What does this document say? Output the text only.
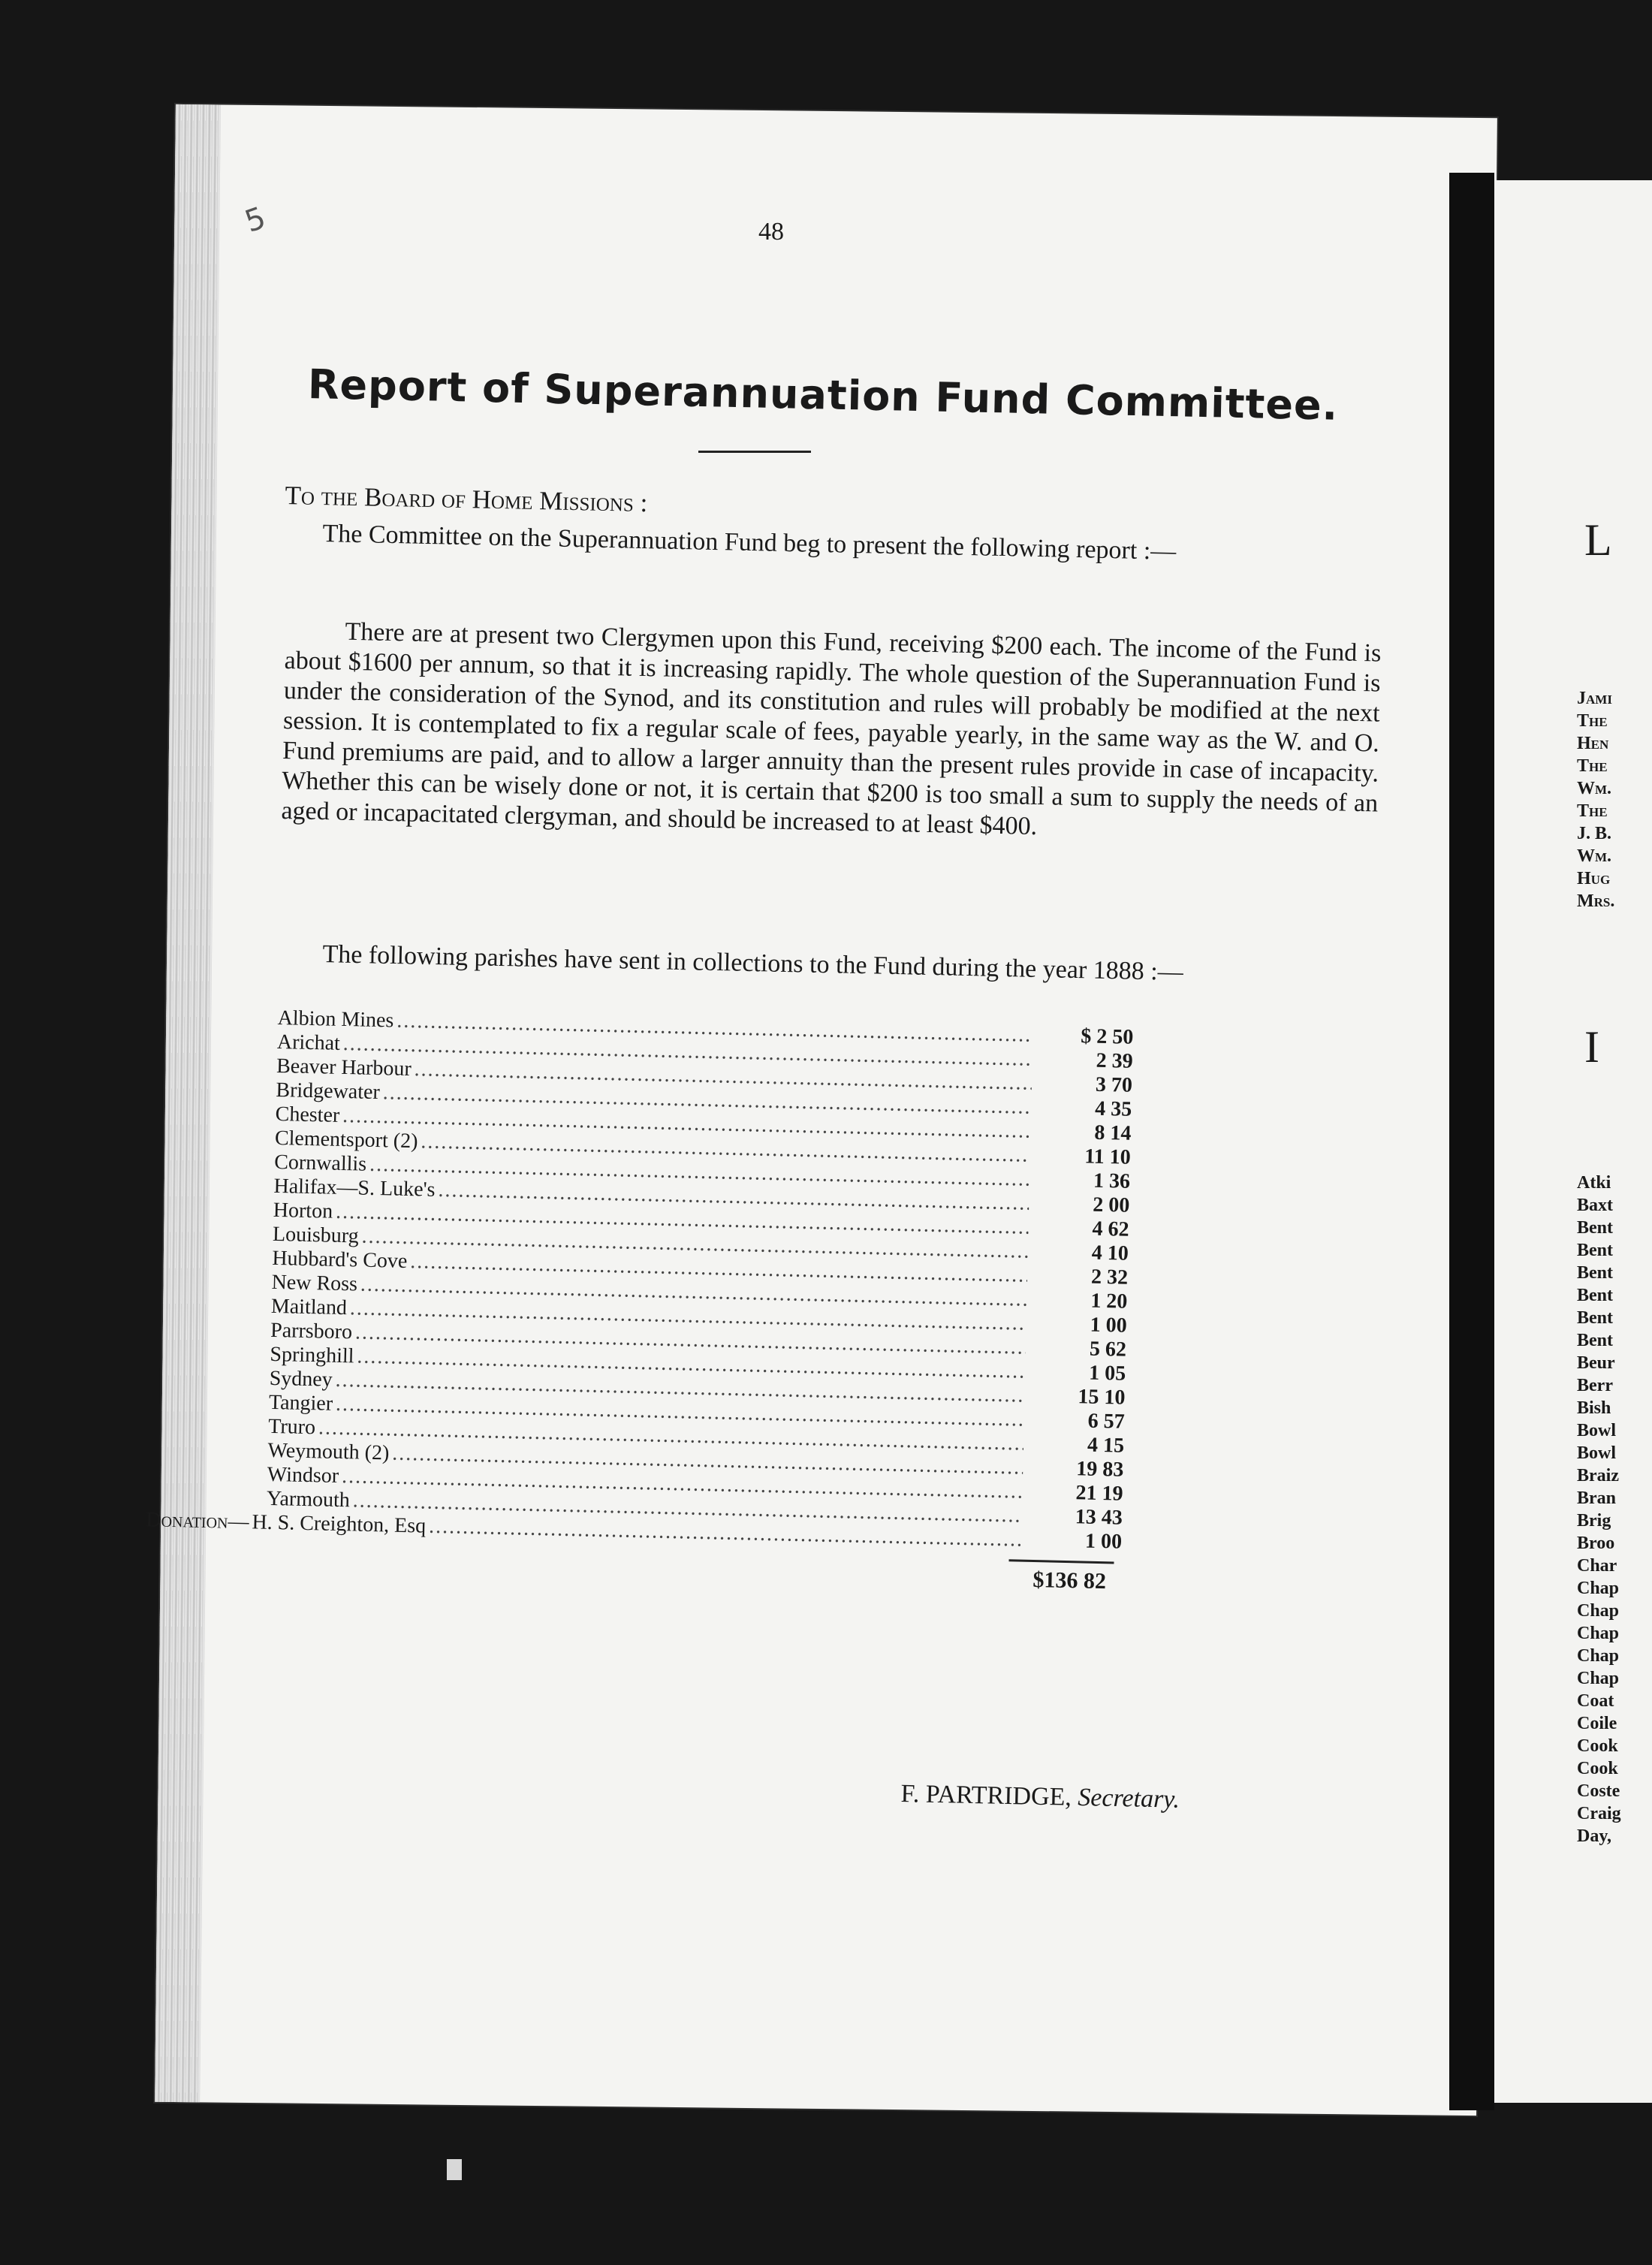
5	48
Report of Superannuation Fund Committee.
To the Board of Home Missions :
The Committee on the Superannuation Fund beg to present the following report :—
There are at present two Clergymen upon this Fund, receiving $200 each. The income of the Fund is about $1600 per annum, so that it is increasing rapidly. The whole question of the Superannuation Fund is under the consideration of the Synod, and its constitution and rules will probably be modified at the next session. It is contemplated to fix a regular scale of fees, payable yearly, in the same way as the W. and O. Fund premiums are paid, and to allow a larger annuity than the present rules provide in case of incapacity. Whether this can be wisely done or not, it is certain that $200 is too small a sum to supply the needs of an aged or incapacitated clergyman, and should be increased to at least $400.
The following parishes have sent in collections to the Fund during the year 1888 :—
Albion Mines
.....
$ 2 50
Arichat
.....
2 39
Beaver Harbour
.....
3 70
Bridgewater
.....
4 35
Chester
.....
8 14
Clementsport (2)
.....
11 10
Cornwallis
.....
1 36
Halifax—S. Luke's
.....
2 00
Horton
.....
4 62
Louisburg
.....
4 10
Hubbard's Cove
.....
2 32
New Ross
.....
1 20
Maitland
.....
1 00
Parrsboro
.....
5 62
Springhill
.....
1 05
Sydney
.....
15 10
Tangier
.....
6 57
Truro
.....
4 15
Weymouth (2)
.....
19 83
Windsor
.....
21 19
Yarmouth
.....
13 43
Donation— H. S. Creighton, Esq
.....
1 00
$136 82
F. PARTRIDGE, Secretary.
L
Jami
The
Hen
The
Wm.
The
J. B.
Wm.
Hug
Mrs.
I
Atki
Baxt
Bent
Bent
Bent
Bent
Bent
Bent
Beur
Berr
Bish
Bowl
Bowl
Braiz
Bran
Brig
Broo
Char
Chap
Chap
Chap
Chap
Chap
Coat
Coile
Cook
Cook
Coste
Craig
Day,
